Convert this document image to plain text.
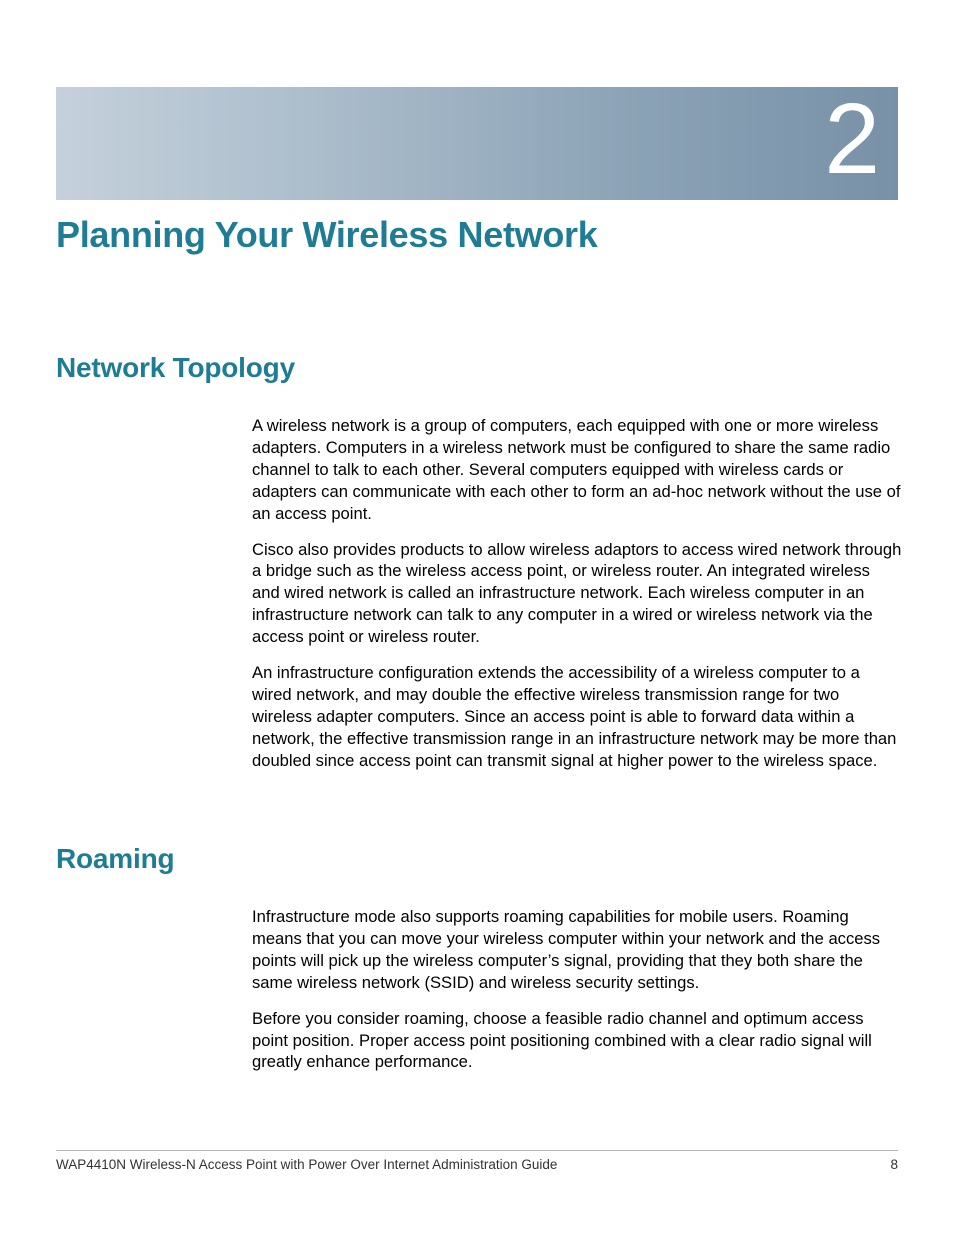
2
Planning Your Wireless Network
Network Topology

A wireless network is a group of computers, each equipped with one or more wireless adapters. Computers in a wireless network must be configured to share the same radio channel to talk to each other. Several computers equipped with wireless cards or adapters can communicate with each other to form an ad-hoc network without the use of an access point.

Cisco also provides products to allow wireless adaptors to access wired network through a bridge such as the wireless access point, or wireless router. An integrated wireless and wired network is called an infrastructure network. Each wireless computer in an infrastructure network can talk to any computer in a wired or wireless network via the access point or wireless router.

An infrastructure configuration extends the accessibility of a wireless computer to a wired network, and may double the effective wireless transmission range for two wireless adapter computers. Since an access point is able to forward data within a network, the effective transmission range in an infrastructure network may be more than doubled since access point can transmit signal at higher power to the wireless space.

Roaming

Infrastructure mode also supports roaming capabilities for mobile users. Roaming means that you can move your wireless computer within your network and the access points will pick up the wireless computer’s signal, providing that they both share the same wireless network (SSID) and wireless security settings.

Before you consider roaming, choose a feasible radio channel and optimum access point position. Proper access point positioning combined with a clear radio signal will greatly enhance performance.

WAP4410N Wireless-N Access Point with Power Over Internet Administration Guide	8
